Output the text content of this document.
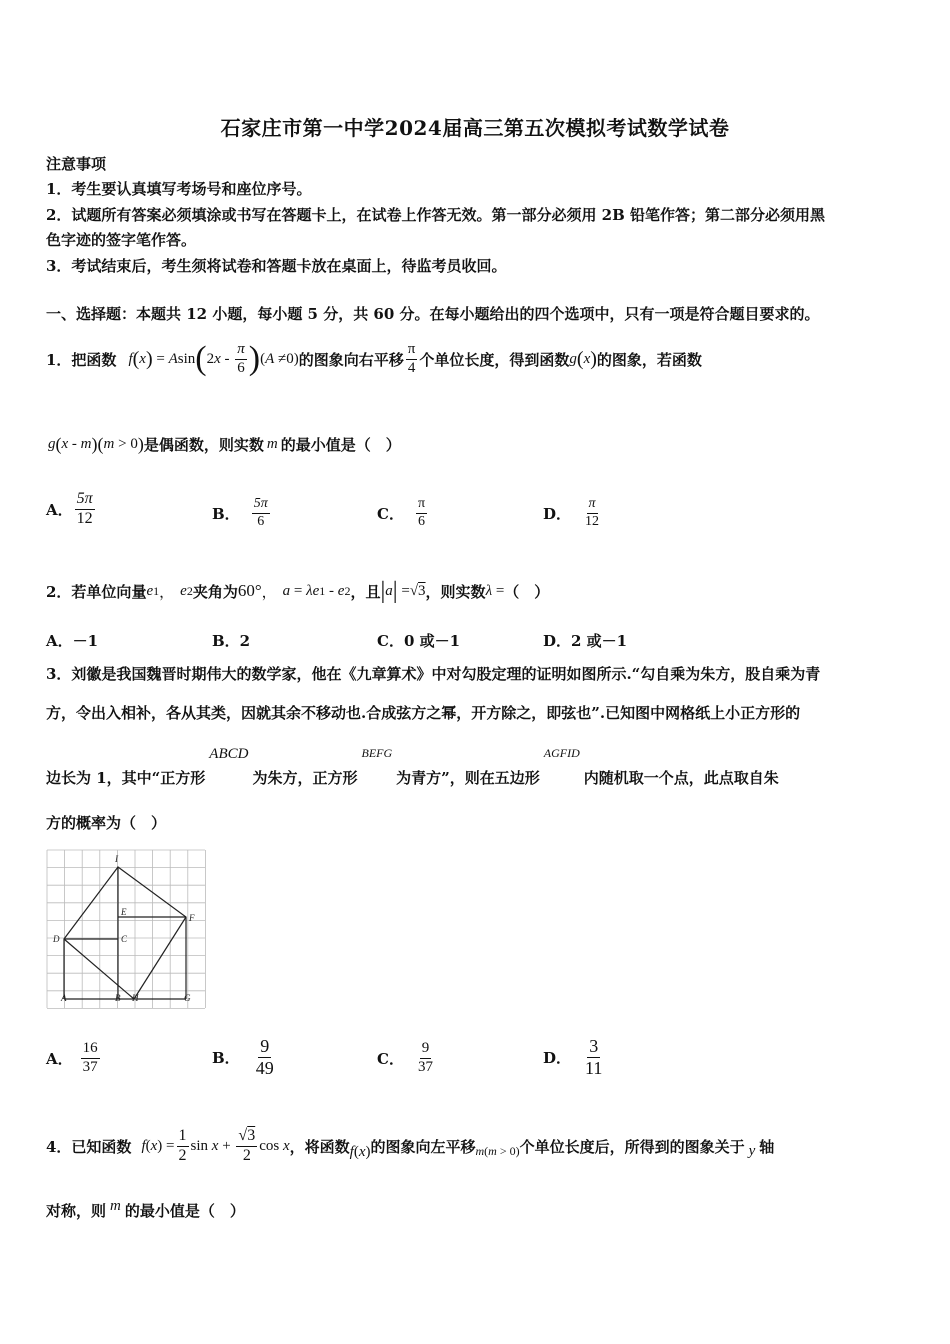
石家庄市第一中学2024届高三第五次模拟考试数学试卷
注意事项
1．考生要认真填写考场号和座位序号。
2．试题所有答案必须填涂或书写在答题卡上，在试卷上作答无效。第一部分必须用 2B 铅笔作答；第二部分必须用黑
色字迹的签字笔作答。
3．考试结束后，考生须将试卷和答题卡放在桌面上，待监考员收回。
一、选择题：本题共 12 小题，每小题 5 分，共 60 分。在每小题给出的四个选项中，只有一项是符合题目要求的。
1．把函数 f ( x ) = A sin ( 2 x - $\frac{\pi}{6}$ ) ( A ≠0) 的图象向右平移 $\frac{\pi}{4}$ 个单位长度，得到函数 g ( x ) 的图象，若函数
g ( x - m )( m > 0 ) 是偶函数，则实数 m 的最小值是（　）
A． $\frac{5\pi}{12}$	B． $\frac{5\pi}{6}$	C． $\frac{\pi}{6}$	D． $\frac{\pi}{12}$
2．若单位向量 e 1 ， e 2 夹角为 60° ， a = λe 1 - e 2 ，且 | a | = √3 ，则实数 λ = （　）
A．－1	B．2	C．0 或－1	D．2 或－1
3．刘徽是我国魏晋时期伟大的数学家，他在《九章算术》中对勾股定理的证明如图所示.“勾自乘为朱方，股自乘为青
方，令出入相补，各从其类，因就其余不移动也.合成弦方之幂，开方除之，即弦也”.已知图中网格纸上小正方形的
边长为 1，其中“正方形
ABCD
为朱方，正方形
BEFG
为青方”，则在五边形
AGFID
内随机取一个点，此点取自朱
方的概率为（　）
I
E
F
D	C
A	B H	G
A． $\frac{16}{37}$	B． $\frac{9}{49}$	C． $\frac{9}{37}$	D． $\frac{3}{11}$
4．已知函数 f ( x ) = $\frac{1}{2}$ $\sin x + \frac{√3}{2}$ cos x ，将函数 f ( x ) 的图象向左平移 m ( m > 0) 个单位长度后，所得到的图象关于 y 轴
对称，则 m 的最小值是（　）
